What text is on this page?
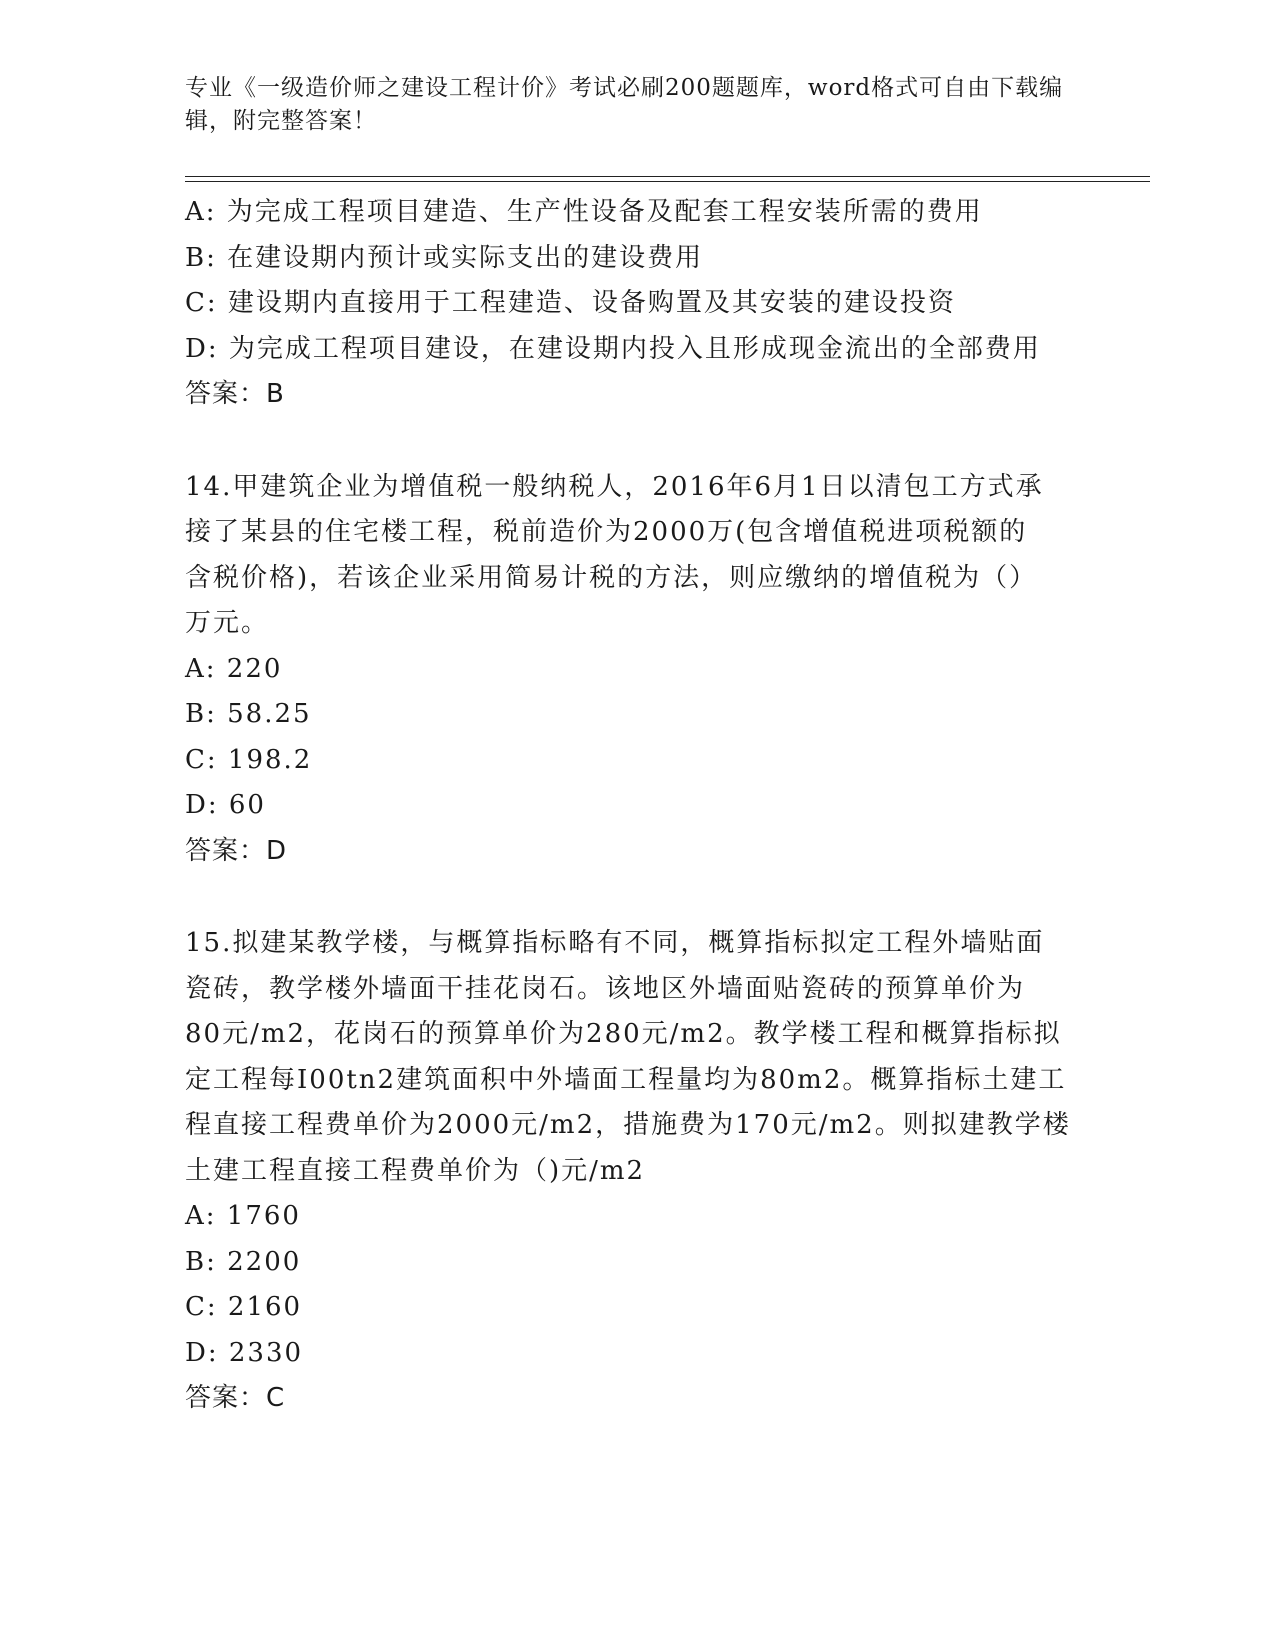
专业《一级造价师之建设工程计价》考试必刷200题题库，word格式可自由下载编辑，附完整答案！
A: 为完成工程项目建造、生产性设备及配套工程安装所需的费用
B: 在建设期内预计或实际支出的建设费用
C: 建设期内直接用于工程建造、设备购置及其安装的建设投资
D: 为完成工程项目建设，在建设期内投入且形成现金流出的全部费用
答案：B
14.甲建筑企业为增值税一般纳税人，2016年6月1日以清包工方式承
接了某县的住宅楼工程，税前造价为2000万(包含增值税进项税额的
含税价格)，若该企业采用简易计税的方法，则应缴纳的增值税为（）
万元。
A: 220
B: 58.25
C: 198.2
D: 60
答案：D
15.拟建某教学楼，与概算指标略有不同，概算指标拟定工程外墙贴面
瓷砖，教学楼外墙面干挂花岗石。该地区外墙面贴瓷砖的预算单价为
80元/m2，花岗石的预算单价为280元/m2。教学楼工程和概算指标拟
定工程每I00tn2建筑面积中外墙面工程量均为80m2。概算指标土建工
程直接工程费单价为2000元/m2，措施费为170元/m2。则拟建教学楼
土建工程直接工程费单价为（)元/m2
A: 1760
B: 2200
C: 2160
D: 2330
答案：C
